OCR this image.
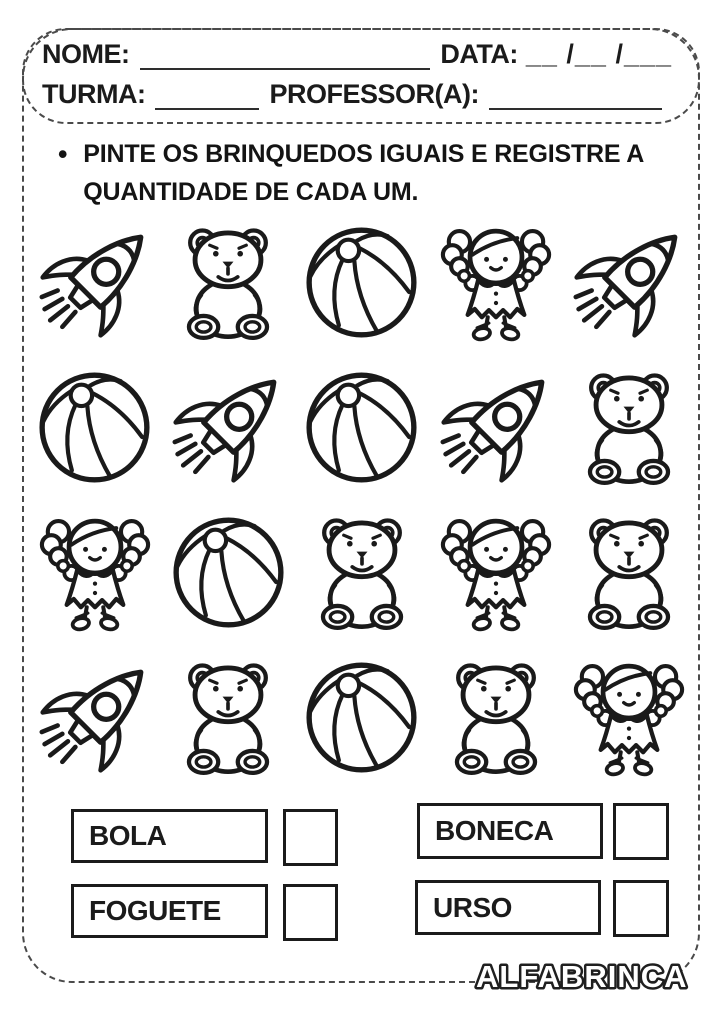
NOME:	DATA: __ /__ /___
TURMA:	PROFESSOR(A):
• PINTE OS BRINQUEDOS IGUAIS E REGISTRE A
QUANTIDADE DE CADA UM.
BOLA
FOGUETE
BONECA
URSO
ALFABRINCA
